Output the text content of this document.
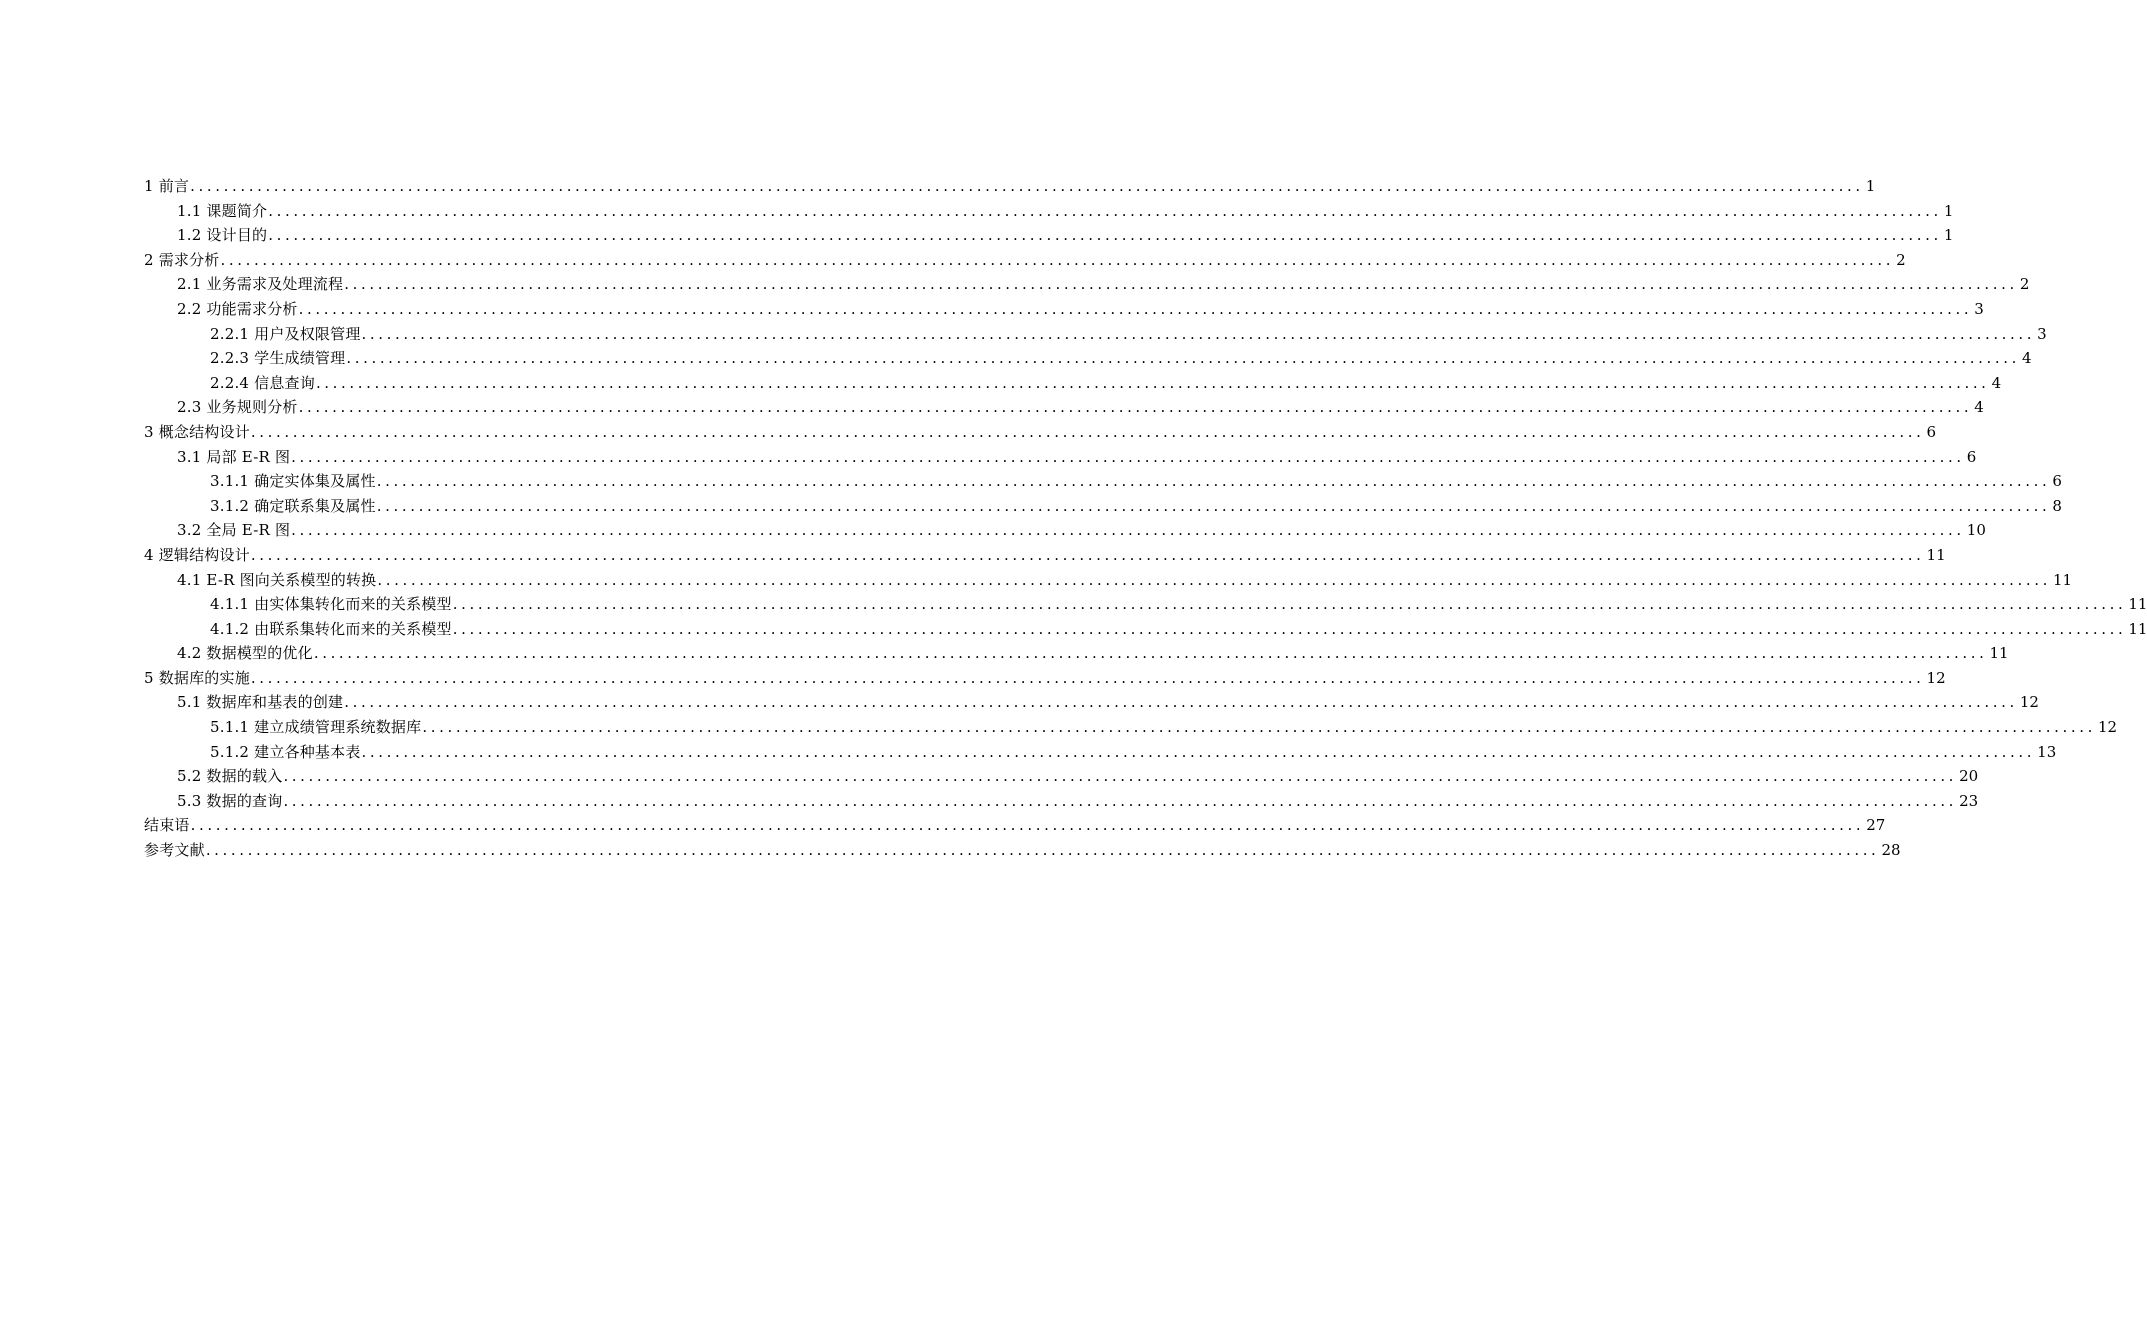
1 前言 ........................................................................................................................................................................................................ 1
1.1 课题简介 ........................................................................................................................................................................................................ 1
1.2 设计目的 ........................................................................................................................................................................................................ 1
2 需求分析 ........................................................................................................................................................................................................ 2
2.1 业务需求及处理流程 ........................................................................................................................................................................................................ 2
2.2 功能需求分析 ........................................................................................................................................................................................................ 3
2.2.1 用户及权限管理 ........................................................................................................................................................................................................ 3
2.2.3 学生成绩管理 ........................................................................................................................................................................................................ 4
2.2.4 信息查询 ........................................................................................................................................................................................................ 4
2.3 业务规则分析 ........................................................................................................................................................................................................ 4
3 概念结构设计 ........................................................................................................................................................................................................ 6
3.1 局部 E-R 图 ........................................................................................................................................................................................................ 6
3.1.1 确定实体集及属性 ........................................................................................................................................................................................................ 6
3.1.2 确定联系集及属性 ........................................................................................................................................................................................................ 8
3.2 全局 E-R 图 ........................................................................................................................................................................................................ 10
4 逻辑结构设计 ........................................................................................................................................................................................................ 11
4.1 E-R 图向关系模型的转换 ........................................................................................................................................................................................................ 11
4.1.1 由实体集转化而来的关系模型 ........................................................................................................................................................................................................ 11
4.1.2 由联系集转化而来的关系模型 ........................................................................................................................................................................................................ 11
4.2 数据模型的优化 ........................................................................................................................................................................................................ 11
5 数据库的实施 ........................................................................................................................................................................................................ 12
5.1 数据库和基表的创建 ........................................................................................................................................................................................................ 12
5.1.1 建立成绩管理系统数据库 ........................................................................................................................................................................................................ 12
5.1.2 建立各种基本表 ........................................................................................................................................................................................................ 13
5.2 数据的载入 ........................................................................................................................................................................................................ 20
5.3 数据的查询 ........................................................................................................................................................................................................ 23
结束语 ........................................................................................................................................................................................................ 27
参考文献 ........................................................................................................................................................................................................ 28
